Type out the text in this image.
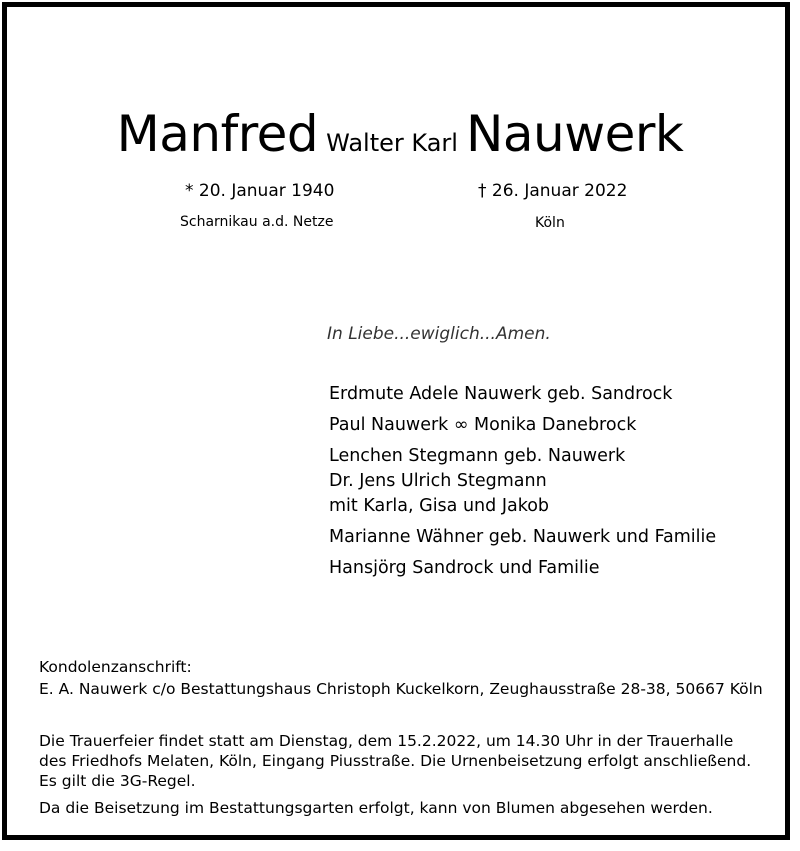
Manfred Walter Karl Nauwerk
* 20. Januar 1940
Scharnikau a.d. Netze
† 26. Januar 2022
Köln
In Liebe...ewiglich...Amen.
Erdmute Adele Nauwerk geb. Sandrock
Paul Nauwerk ∞ Monika Danebrock
Lenchen Stegmann geb. Nauwerk
Dr. Jens Ulrich Stegmann
mit Karla, Gisa und Jakob
Marianne Wähner geb. Nauwerk und Familie
Hansjörg Sandrock und Familie
Kondolenzanschrift:
E. A. Nauwerk c/o Bestattungshaus Christoph Kuckelkorn, Zeughausstraße 28-38, 50667 Köln
Die Trauerfeier findet statt am Dienstag, dem 15.2.2022, um 14.30 Uhr in der Trauerhalle
des Friedhofs Melaten, Köln, Eingang Piusstraße. Die Urnenbeisetzung erfolgt anschließend.
Es gilt die 3G-Regel.
Da die Beisetzung im Bestattungsgarten erfolgt, kann von Blumen abgesehen werden.
